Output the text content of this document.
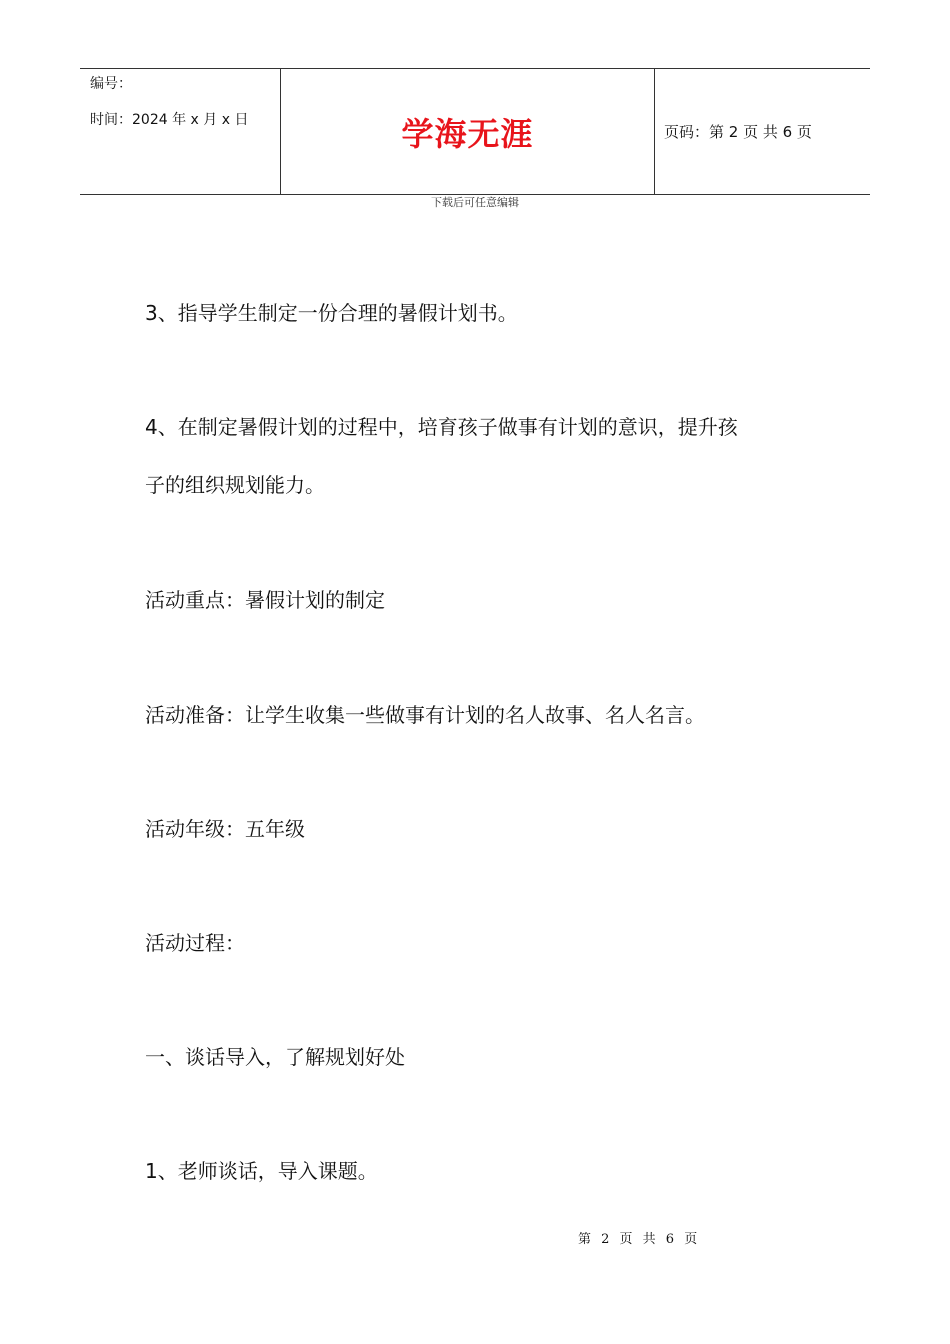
编号：
时间：2024 年 x 月 x 日	学海无涯	页码：第 2 页 共 6 页
下载后可任意编辑
3、指导学生制定一份合理的暑假计划书。
4、在制定暑假计划的过程中，培育孩子做事有计划的意识，提升孩
子的组织规划能力。
活动重点：暑假计划的制定
活动准备：让学生收集一些做事有计划的名人故事、名人名言。
活动年级：五年级
活动过程：
一、谈话导入，了解规划好处
1、老师谈话，导入课题。
第 2 页 共 6 页
